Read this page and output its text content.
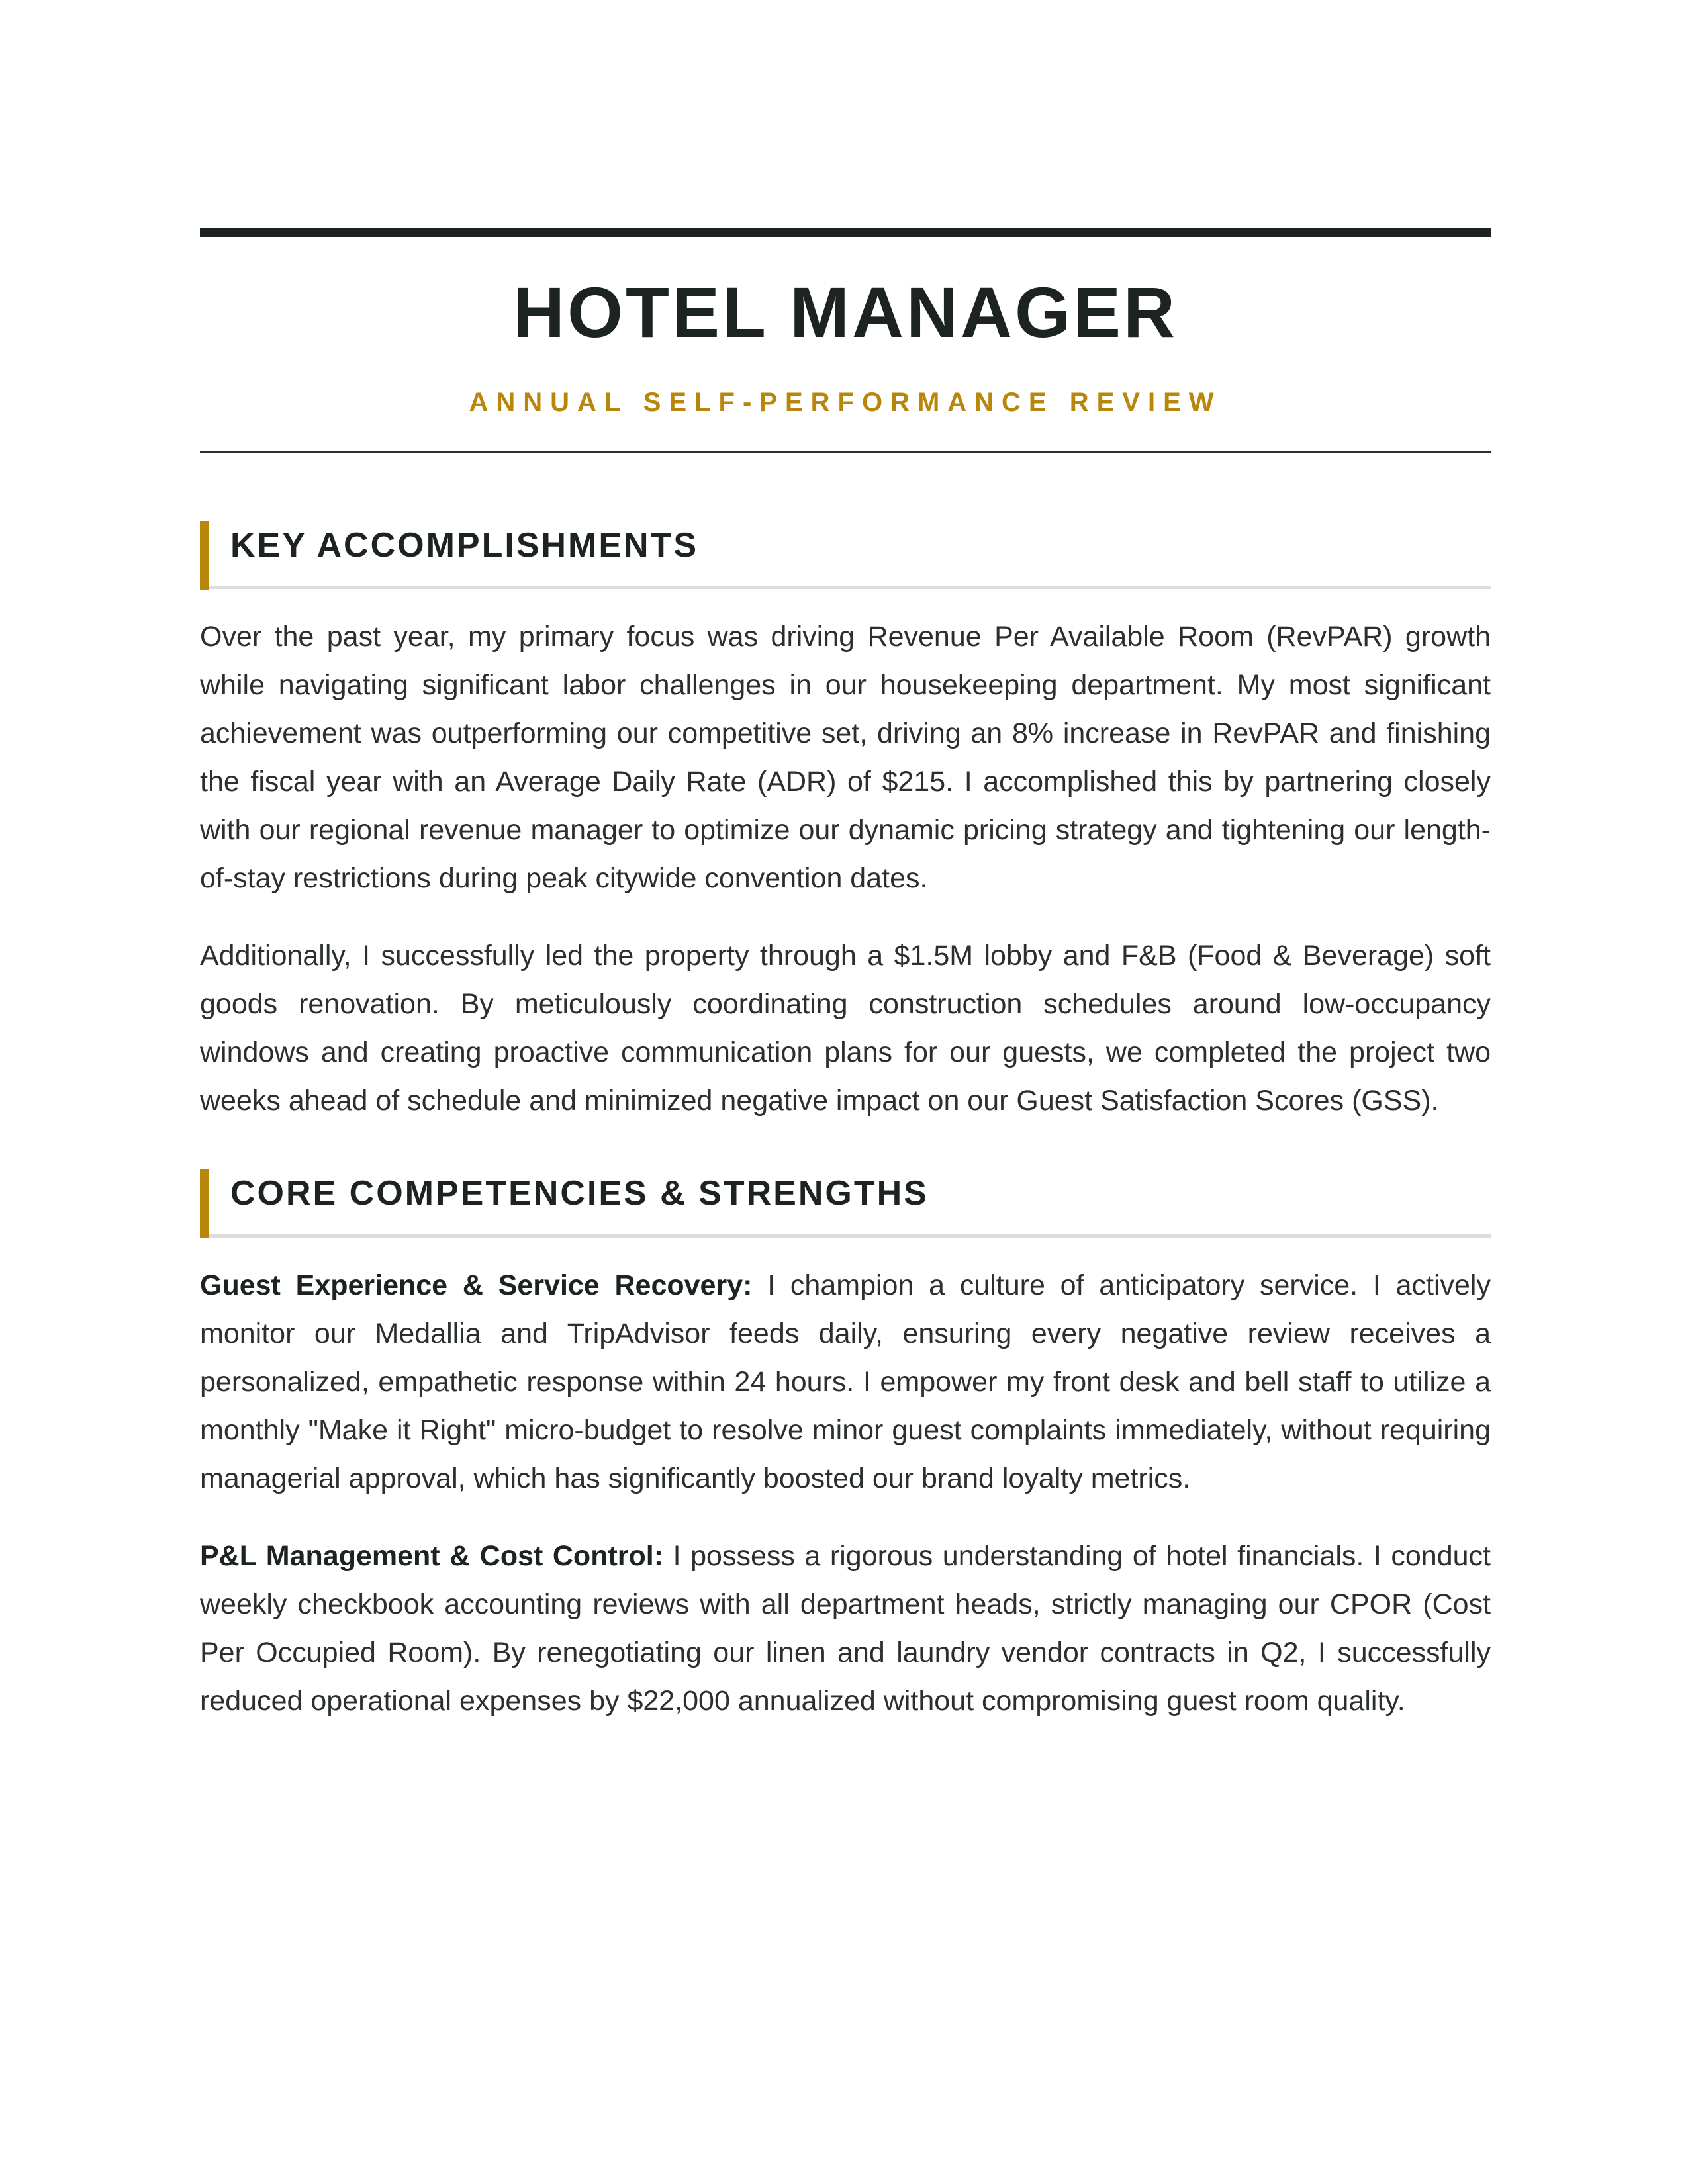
HOTEL MANAGER
ANNUAL SELF-PERFORMANCE REVIEW
KEY ACCOMPLISHMENTS

Over the past year, my primary focus was driving Revenue Per Available Room (RevPAR) growth while navigating significant labor challenges in our housekeeping department. My most significant achievement was outperforming our competitive set, driving an 8% increase in RevPAR and finishing the fiscal year with an Average Daily Rate (ADR) of $215. I accomplished this by partnering closely with our regional revenue manager to optimize our dynamic pricing strategy and tightening our length-of-stay restrictions during peak citywide convention dates.

Additionally, I successfully led the property through a $1.5M lobby and F&B (Food & Beverage) soft goods renovation. By meticulously coordinating construction schedules around low-occupancy windows and creating proactive communication plans for our guests, we completed the project two weeks ahead of schedule and minimized negative impact on our Guest Satisfaction Scores (GSS).

CORE COMPETENCIES & STRENGTHS

Guest Experience & Service Recovery: I champion a culture of anticipatory service. I actively monitor our Medallia and TripAdvisor feeds daily, ensuring every negative review receives a personalized, empathetic response within 24 hours. I empower my front desk and bell staff to utilize a monthly "Make it Right" micro-budget to resolve minor guest complaints immediately, without requiring managerial approval, which has significantly boosted our brand loyalty metrics.

P&L Management & Cost Control: I possess a rigorous understanding of hotel financials. I conduct weekly checkbook accounting reviews with all department heads, strictly managing our CPOR (Cost Per Occupied Room). By renegotiating our linen and laundry vendor contracts in Q2, I successfully reduced operational expenses by $22,000 annualized without compromising guest room quality.
